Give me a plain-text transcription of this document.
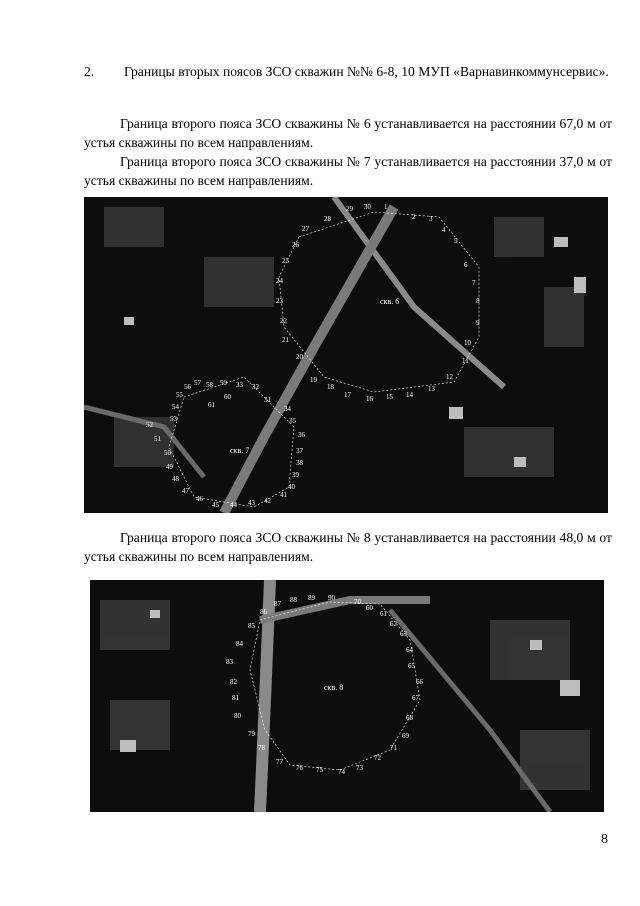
2. Границы вторых поясов ЗСО скважин №№ 6-8, 10 МУП «Варнавинкоммунсервис».
Граница второго пояса ЗСО скважины № 6 устанавливается на расстоянии 67,0 м от устья скважины по всем направлениям.
Граница второго пояса ЗСО скважины № 7 устанавливается на расстоянии 37,0 м от устья скважины по всем направлениям.
скв. 6
скв. 7
1
2 3
4
5
6
7
8
9
10
11
12
13
14
15
16
17
18
19
20
21
22
23
24
25
26
27
28
29 30
31
32
33
34
35
36
37
38
39
40
41
42
43
44
45
46
47
48
49
50
51
52
53
54
55
56 57 58 59
60
61
Граница второго пояса ЗСО скважины № 8 устанавливается на расстоянии 48,0 м от устья скважины по всем направлениям.
скв. 8
70
60
61
62
63
64
65
66
67
68
69
71
72
73
74
75
76
77
78
79
80
81
82
83
84
85
86
87 88 89 90
8
